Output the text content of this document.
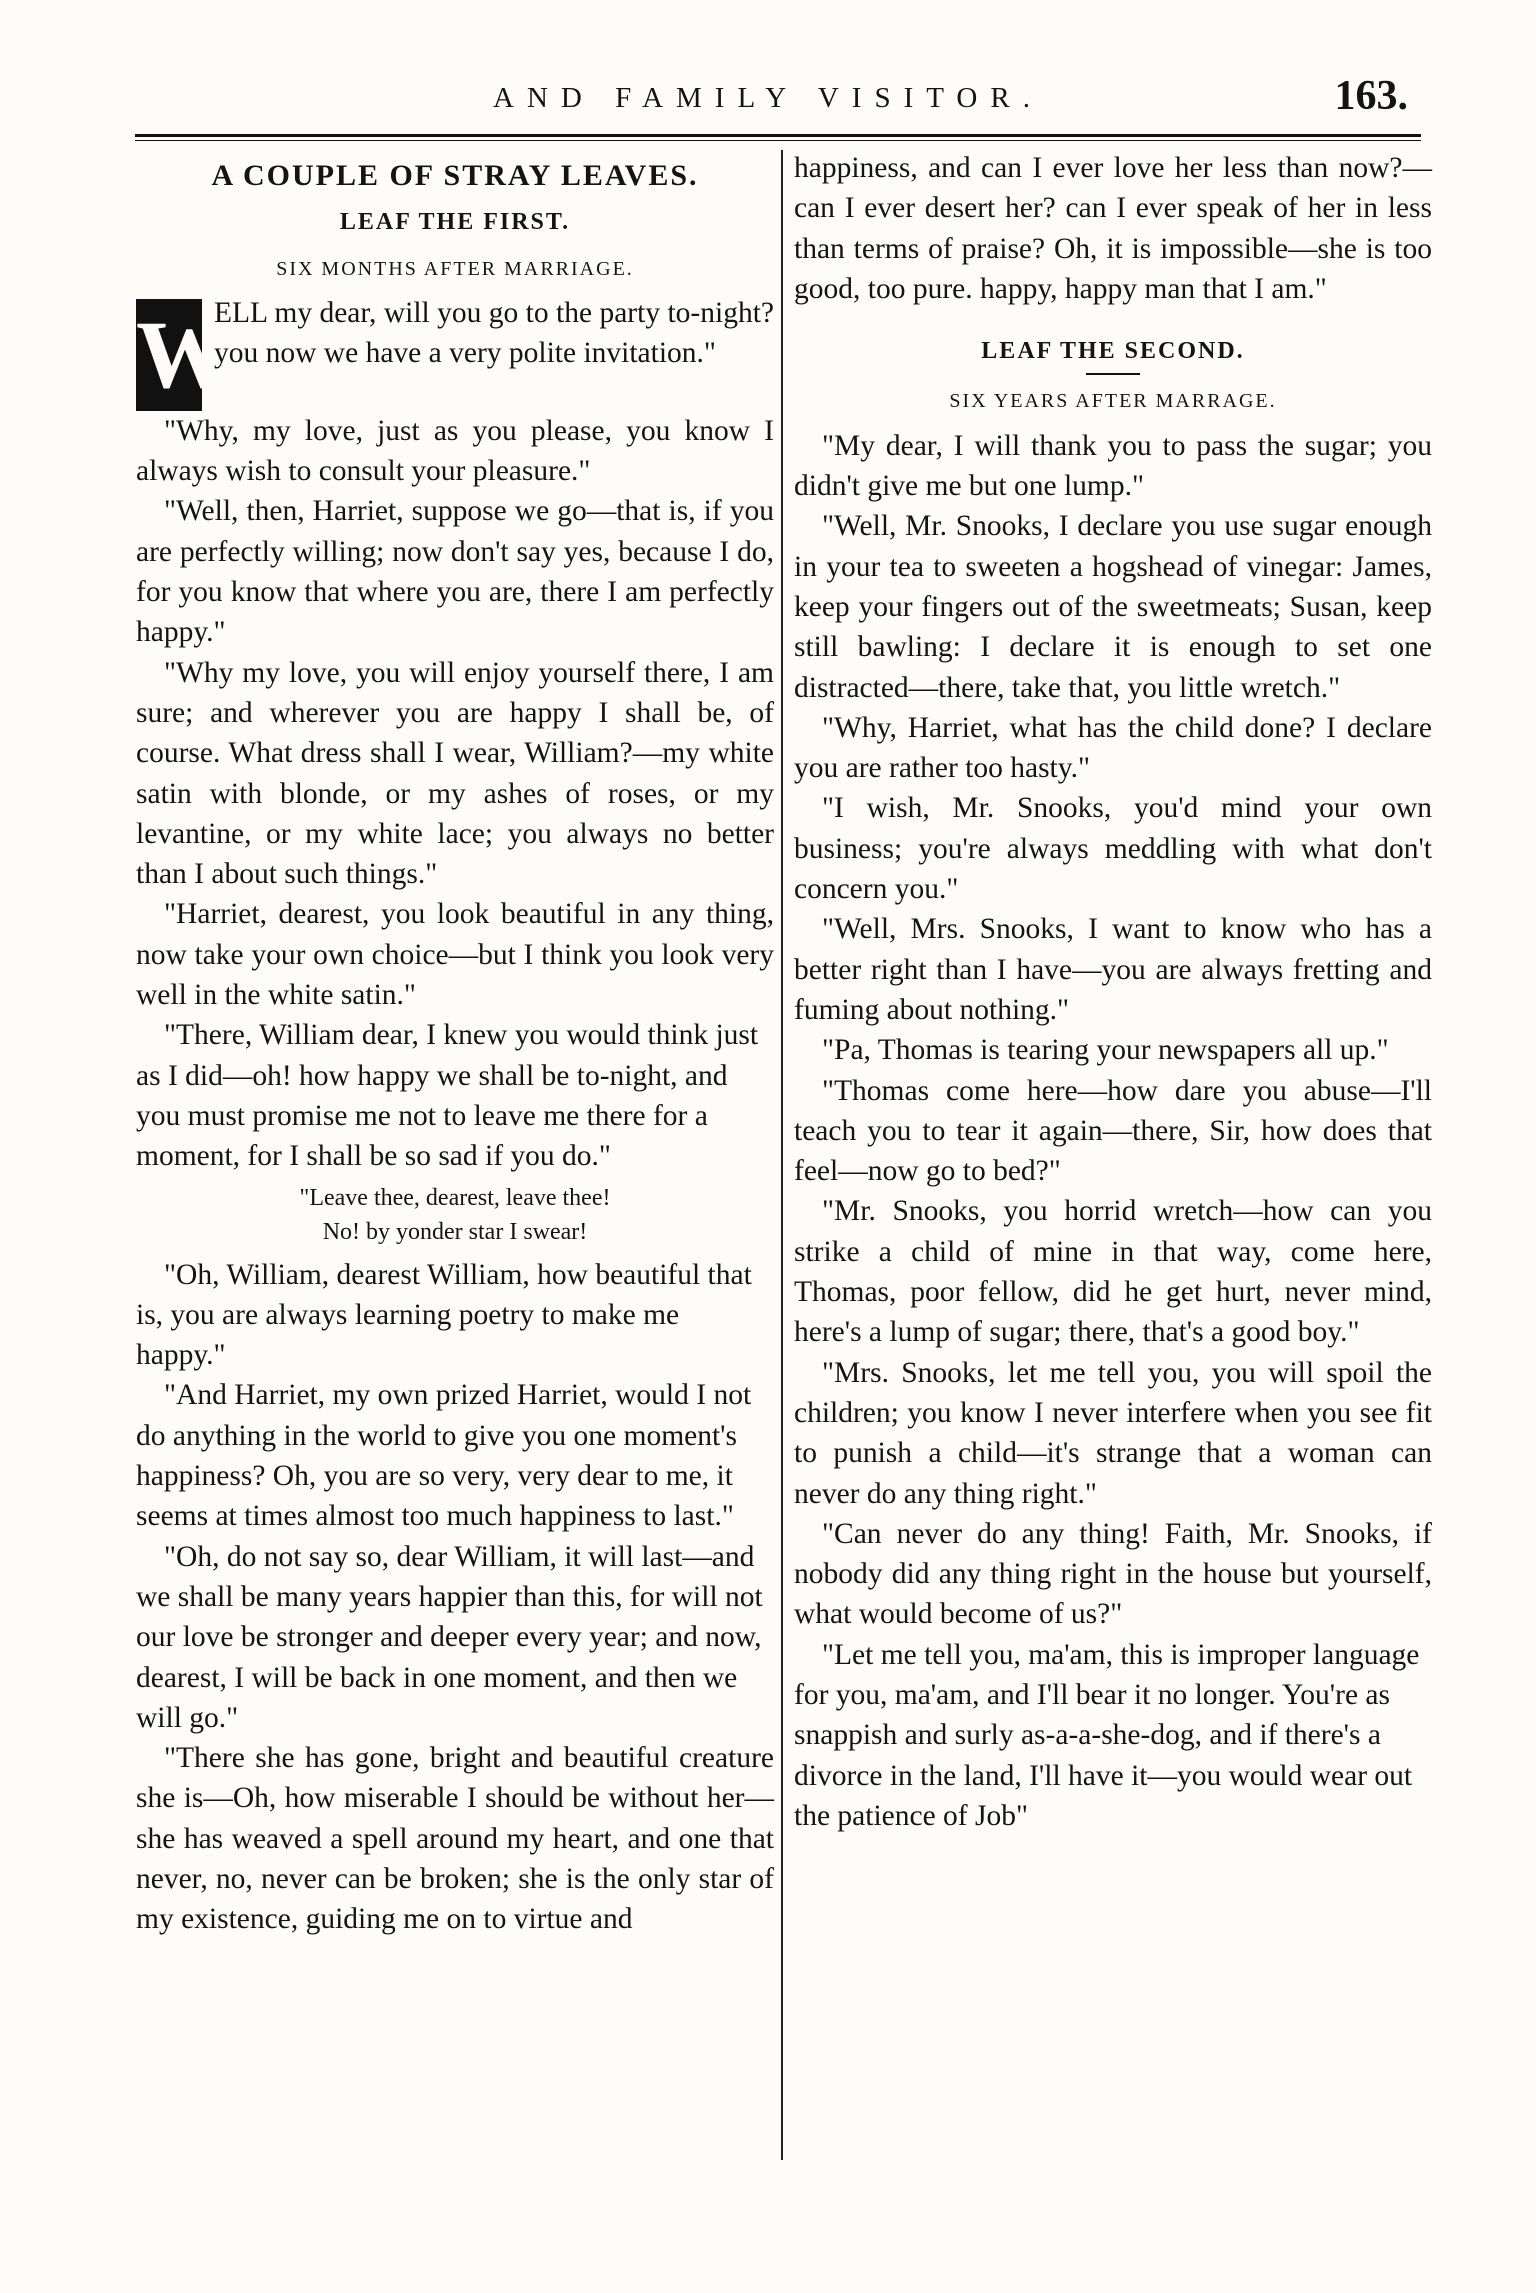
AND FAMILY VISITOR.	163.
A COUPLE OF STRAY LEAVES.
LEAF THE FIRST.
SIX MONTHS AFTER MARRIAGE.
W

ELL my dear, will you go to the party to-night? you now we have a very polite invitation."

"Why, my love, just as you please, you know I always wish to consult your pleasure."

"Well, then, Harriet, suppose we go—that is, if you are perfectly willing; now don't say yes, because I do, for you know that where you are, there I am perfectly happy."

"Why my love, you will enjoy yourself there, I am sure; and wherever you are happy I shall be, of course. What dress shall I wear, William?—my white satin with blonde, or my ashes of roses, or my levantine, or my white lace; you always no better than I about such things."

"Harriet, dearest, you look beautiful in any thing, now take your own choice—but I think you look very well in the white satin."

"There, William dear, I knew you would think just as I did—oh! how happy we shall be to-night, and you must promise me not to leave me there for a moment, for I shall be so sad if you do."

"Leave thee, dearest, leave thee!
No! by yonder star I swear!

"Oh, William, dearest William, how beautiful that is, you are always learning poetry to make me happy."

"And Harriet, my own prized Harriet, would I not do anything in the world to give you one moment's happiness? Oh, you are so very, very dear to me, it seems at times almost too much happiness to last."

"Oh, do not say so, dear William, it will last—and we shall be many years happier than this, for will not our love be stronger and deeper every year; and now, dearest, I will be back in one moment, and then we will go."

"There she has gone, bright and beautiful creature she is—Oh, how miserable I should be without her—she has weaved a spell around my heart, and one that never, no, never can be broken; she is the only star of my existence, guiding me on to virtue and

happiness, and can I ever love her less than now?—can I ever desert her? can I ever speak of her in less than terms of praise? Oh, it is impossible—she is too good, too pure. happy, happy man that I am."

LEAF THE SECOND.
SIX YEARS AFTER MARRAGE.

"My dear, I will thank you to pass the sugar; you didn't give me but one lump."

"Well, Mr. Snooks, I declare you use sugar enough in your tea to sweeten a hogshead of vinegar: James, keep your fingers out of the sweetmeats; Susan, keep still bawling: I declare it is enough to set one distracted—there, take that, you little wretch."

"Why, Harriet, what has the child done? I declare you are rather too hasty."

"I wish, Mr. Snooks, you'd mind your own business; you're always meddling with what don't concern you."

"Well, Mrs. Snooks, I want to know who has a better right than I have—you are always fretting and fuming about nothing."

"Pa, Thomas is tearing your newspapers all up."

"Thomas come here—how dare you abuse—I'll teach you to tear it again—there, Sir, how does that feel—now go to bed?"

"Mr. Snooks, you horrid wretch—how can you strike a child of mine in that way, come here, Thomas, poor fellow, did he get hurt, never mind, here's a lump of sugar; there, that's a good boy."

"Mrs. Snooks, let me tell you, you will spoil the children; you know I never interfere when you see fit to punish a child—it's strange that a woman can never do any thing right."

"Can never do any thing! Faith, Mr. Snooks, if nobody did any thing right in the house but yourself, what would become of us?"

"Let me tell you, ma'am, this is improper language for you, ma'am, and I'll bear it no longer. You're as snappish and surly as-a-a-she-dog, and if there's a divorce in the land, I'll have it—you would wear out the patience of Job"
